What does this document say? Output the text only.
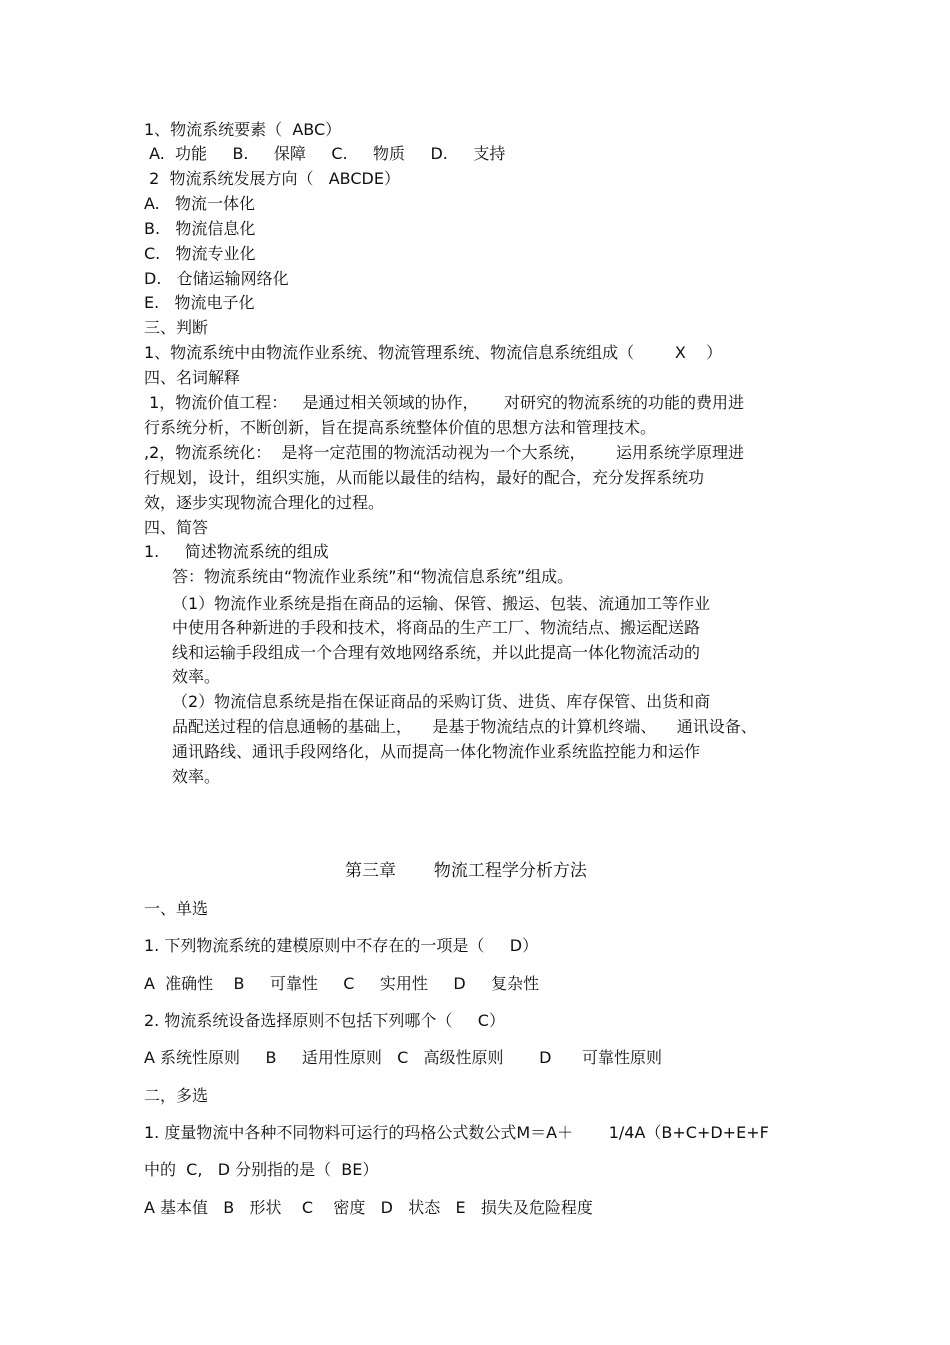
1、物流系统要素（  ABC）
A.  功能     B.     保障     C.     物质     D.     支持
2  物流系统发展方向（   ABCDE）
A.   物流一体化
B.   物流信息化
C.   物流专业化
D.   仓储运输网络化
E.   物流电子化
三、判断
1、物流系统中由物流作业系统、物流管理系统、物流信息系统组成（        X    ）
四、名词解释
1，物流价值工程：   是通过相关领域的协作，     对研究的物流系统的功能的费用进
行系统分析，不断创新，旨在提高系统整体价值的思想方法和管理技术。
,2，物流系统化：  是将一定范围的物流活动视为一个大系统，      运用系统学原理进
行规划，设计，组织实施，从而能以最佳的结构，最好的配合，充分发挥系统功
效，逐步实现物流合理化的过程。
四、简答
1.     简述物流系统的组成
答：物流系统由“物流作业系统”和“物流信息系统”组成。
（1）物流作业系统是指在商品的运输、保管、搬运、包装、流通加工等作业
中使用各种新进的手段和技术，将商品的生产工厂、物流结点、搬运配送路
线和运输手段组成一个合理有效地网络系统，并以此提高一体化物流活动的
效率。
（2）物流信息系统是指在保证商品的采购订货、进货、库存保管、出货和商
品配送过程的信息通畅的基础上，    是基于物流结点的计算机终端、    通讯设备、
通讯路线、通讯手段网络化，从而提高一体化物流作业系统监控能力和运作
效率。
第三章       物流工程学分析方法
一、单选
1. 下列物流系统的建模原则中不存在的一项是（     D）
A  准确性    B     可靠性     C     实用性     D     复杂性
2. 物流系统设备选择原则不包括下列哪个（     C）
A 系统性原则     B     适用性原则   C   高级性原则       D      可靠性原则
二，多选
1. 度量物流中各种不同物料可运行的玛格公式数公式M＝A＋       1/4A（B+C+D+E+F
中的  C,   D 分别指的是（  BE）
A 基本值   B   形状    C    密度   D   状态   E   损失及危险程度
